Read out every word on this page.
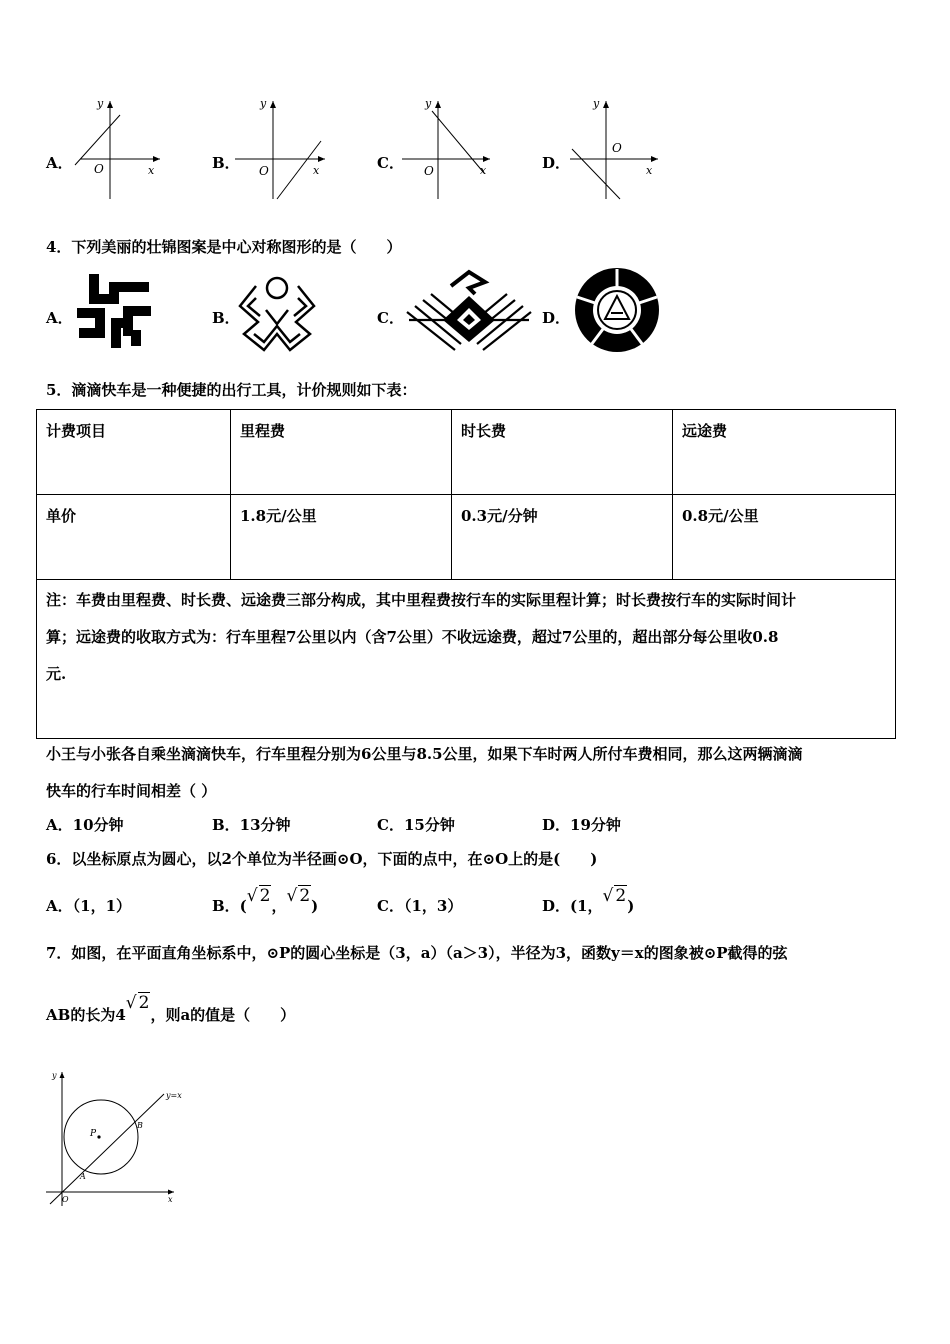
A．
y
x
O	B．
y
x
O	C．
y
x
O	D．
y
x
O
4．下列美丽的壮锦图案是中心对称图形的是（　　）
A．	B．	C．	D．
5．滴滴快车是一种便捷的出行工具，计价规则如下表：
计费项目	里程费	时长费	远途费
单价	1.8元/公里	0.3元/分钟	0.8元/公里

注：车费由里程费、时长费、远途费三部分构成，其中里程费按行车的实际里程计算；时长费按行车的实际时间计
算；远途费的收取方式为：行车里程7公里以内（含7公里）不收远途费，超过7公里的，超出部分每公里收0.8
元.			
小王与小张各自乘坐滴滴快车，行车里程分别为6公里与8.5公里，如果下车时两人所付车费相同，那么这两辆滴滴
快车的行车时间相差（ ）
A．10分钟	B．13分钟	C．15分钟	D．19分钟
6．以坐标原点为圆心，以2个单位为半径画⊙O，下面的点中，在⊙O上的是(　　)
A．（1，1）	B．(√ 2，√ 2)	C．（1，3）	D．(1，√ 2)
7．如图，在平面直角坐标系中，⊙P的圆心坐标是（3，a）（a＞3），半径为3，函数y＝x的图象被⊙P截得的弦
AB的长为4√ 2，则a的值是（　　）
P
A
B
y=x
y
x
O
